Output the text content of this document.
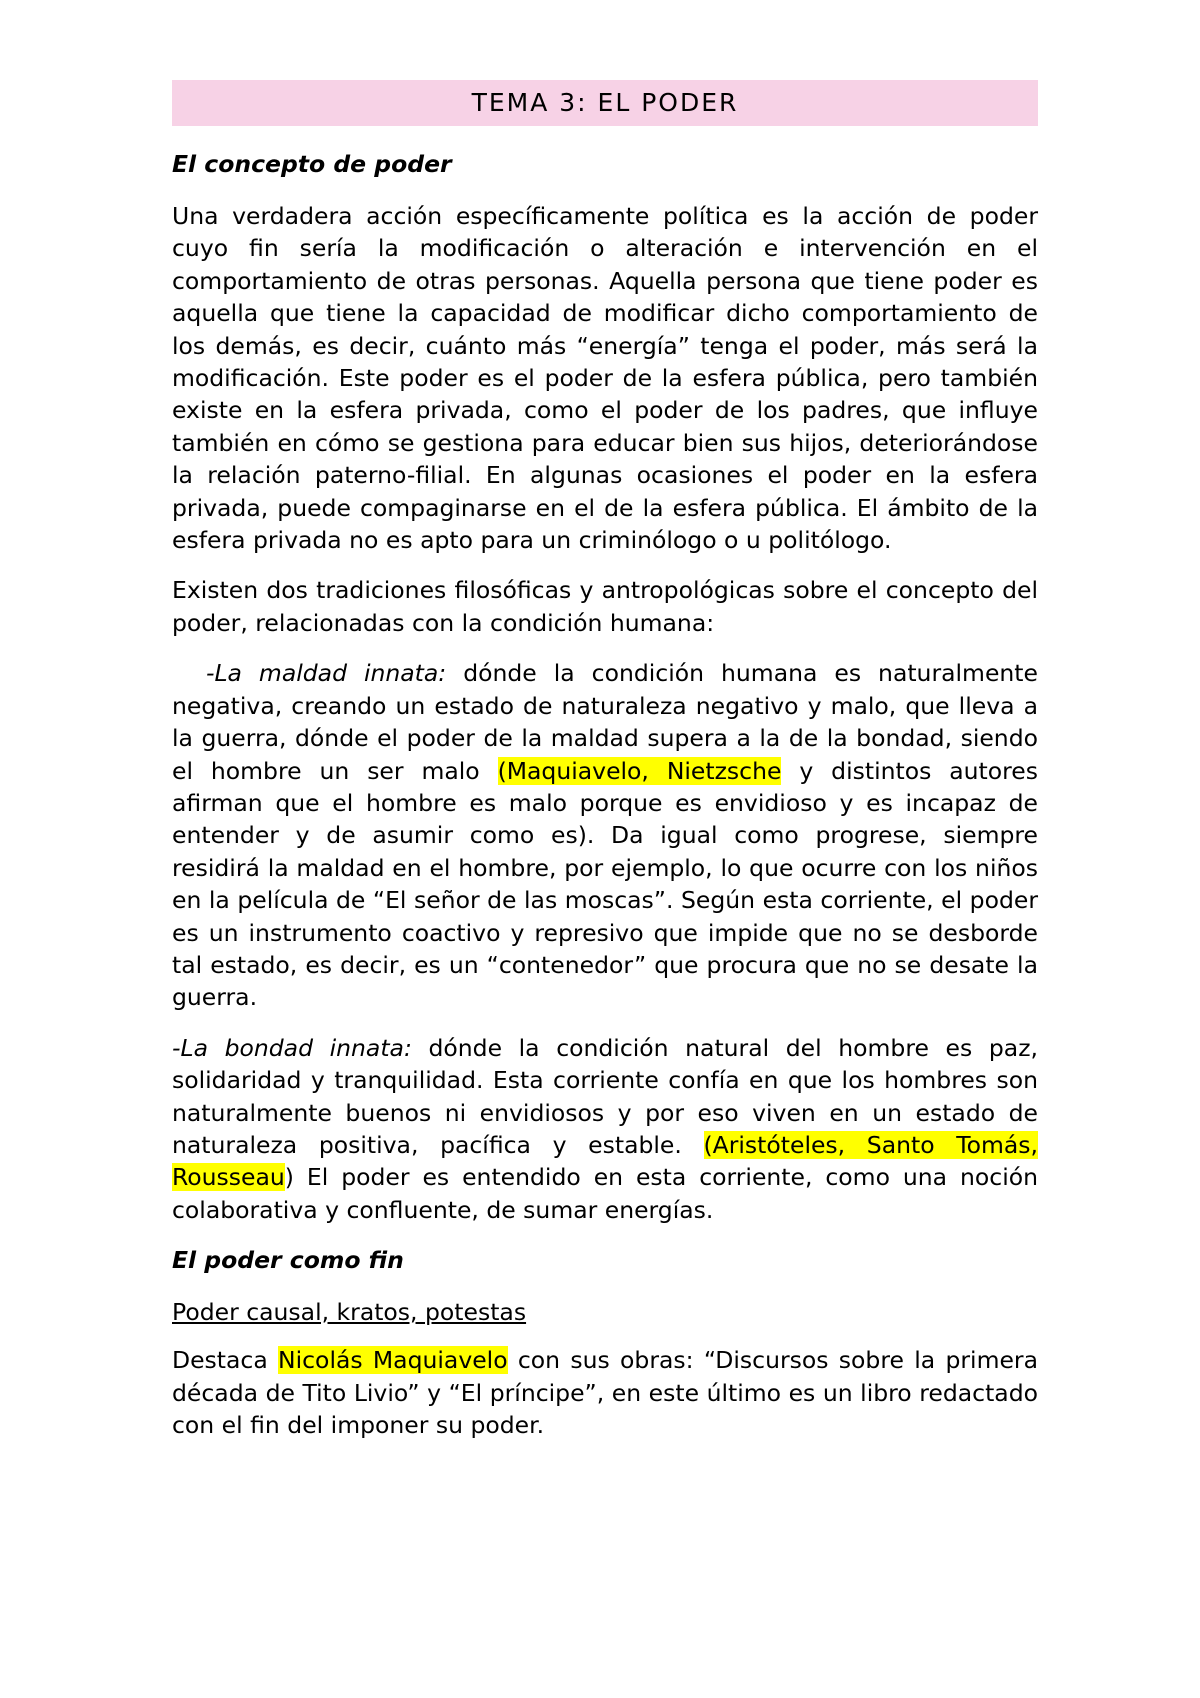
TEMA 3: EL PODER
El concepto de poder

Una verdadera acción específicamente política es la acción de poder cuyo fin sería la modificación o alteración e intervención en el comportamiento de otras personas. Aquella persona que tiene poder es aquella que tiene la capacidad de modificar dicho comportamiento de los demás, es decir, cuánto más “energía” tenga el poder, más será la modificación. Este poder es el poder de la esfera pública, pero también existe en la esfera privada, como el poder de los padres, que influye también en cómo se gestiona para educar bien sus hijos, deteriorándose la relación paterno-filial. En algunas ocasiones el poder en la esfera privada, puede compaginarse en el de la esfera pública. El ámbito de la esfera privada no es apto para un criminólogo o u politólogo.

Existen dos tradiciones filosóficas y antropológicas sobre el concepto del poder, relacionadas con la condición humana:

-La maldad innata: dónde la condición humana es naturalmente negativa, creando un estado de naturaleza negativo y malo, que lleva a la guerra, dónde el poder de la maldad supera a la de la bondad, siendo el hombre un ser malo (Maquiavelo, Nietzsche y distintos autores afirman que el hombre es malo porque es envidioso y es incapaz de entender y de asumir como es). Da igual como progrese, siempre residirá la maldad en el hombre, por ejemplo, lo que ocurre con los niños en la película de “El señor de las moscas”. Según esta corriente, el poder es un instrumento coactivo y represivo que impide que no se desborde tal estado, es decir, es un “contenedor” que procura que no se desate la guerra.

-La bondad innata: dónde la condición natural del hombre es paz, solidaridad y tranquilidad. Esta corriente confía en que los hombres son naturalmente buenos ni envidiosos y por eso viven en un estado de naturaleza positiva, pacífica y estable. (Aristóteles, Santo Tomás, Rousseau) El poder es entendido en esta corriente, como una noción colaborativa y confluente, de sumar energías.

El poder como fin
Poder causal, kratos, potestas

Destaca Nicolás Maquiavelo con sus obras: “Discursos sobre la primera década de Tito Livio” y “El príncipe”, en este último es un libro redactado con el fin del imponer su poder.
